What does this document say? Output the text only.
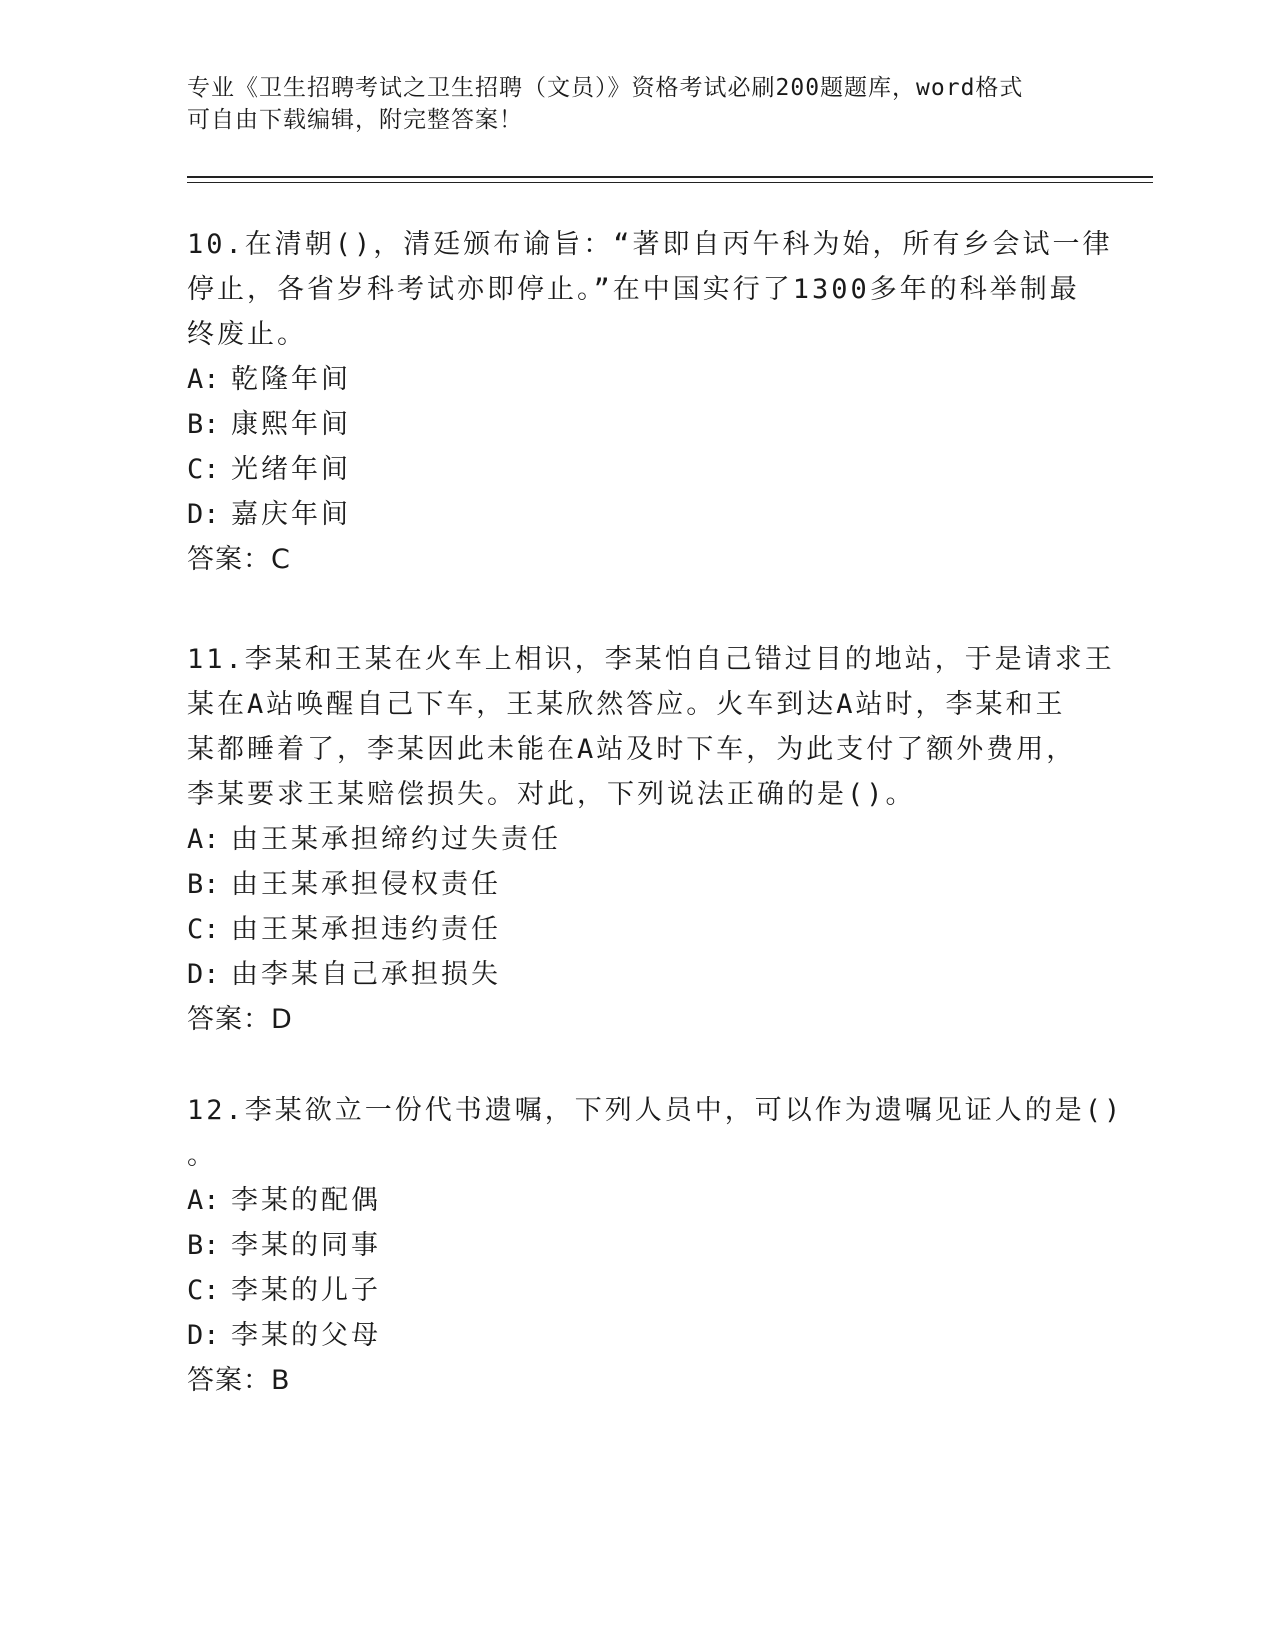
专业《卫生招聘考试之卫生招聘（文员）》资格考试必刷200题题库，word格式
可自由下载编辑，附完整答案！
10.在清朝()，清廷颁布谕旨：“著即自丙午科为始，所有乡会试一律
停止，各省岁科考试亦即停止。”在中国实行了1300多年的科举制最
终废止。
A: 乾隆年间
B: 康熙年间
C: 光绪年间
D: 嘉庆年间
答案：C
11.李某和王某在火车上相识，李某怕自己错过目的地站，于是请求王
某在A站唤醒自己下车，王某欣然答应。火车到达A站时，李某和王
某都睡着了，李某因此未能在A站及时下车，为此支付了额外费用，
李某要求王某赔偿损失。对此，下列说法正确的是()。
A: 由王某承担缔约过失责任
B: 由王某承担侵权责任
C: 由王某承担违约责任
D: 由李某自己承担损失
答案：D
12.李某欲立一份代书遗嘱，下列人员中，可以作为遗嘱见证人的是()
。
A: 李某的配偶
B: 李某的同事
C: 李某的儿子
D: 李某的父母
答案：B
